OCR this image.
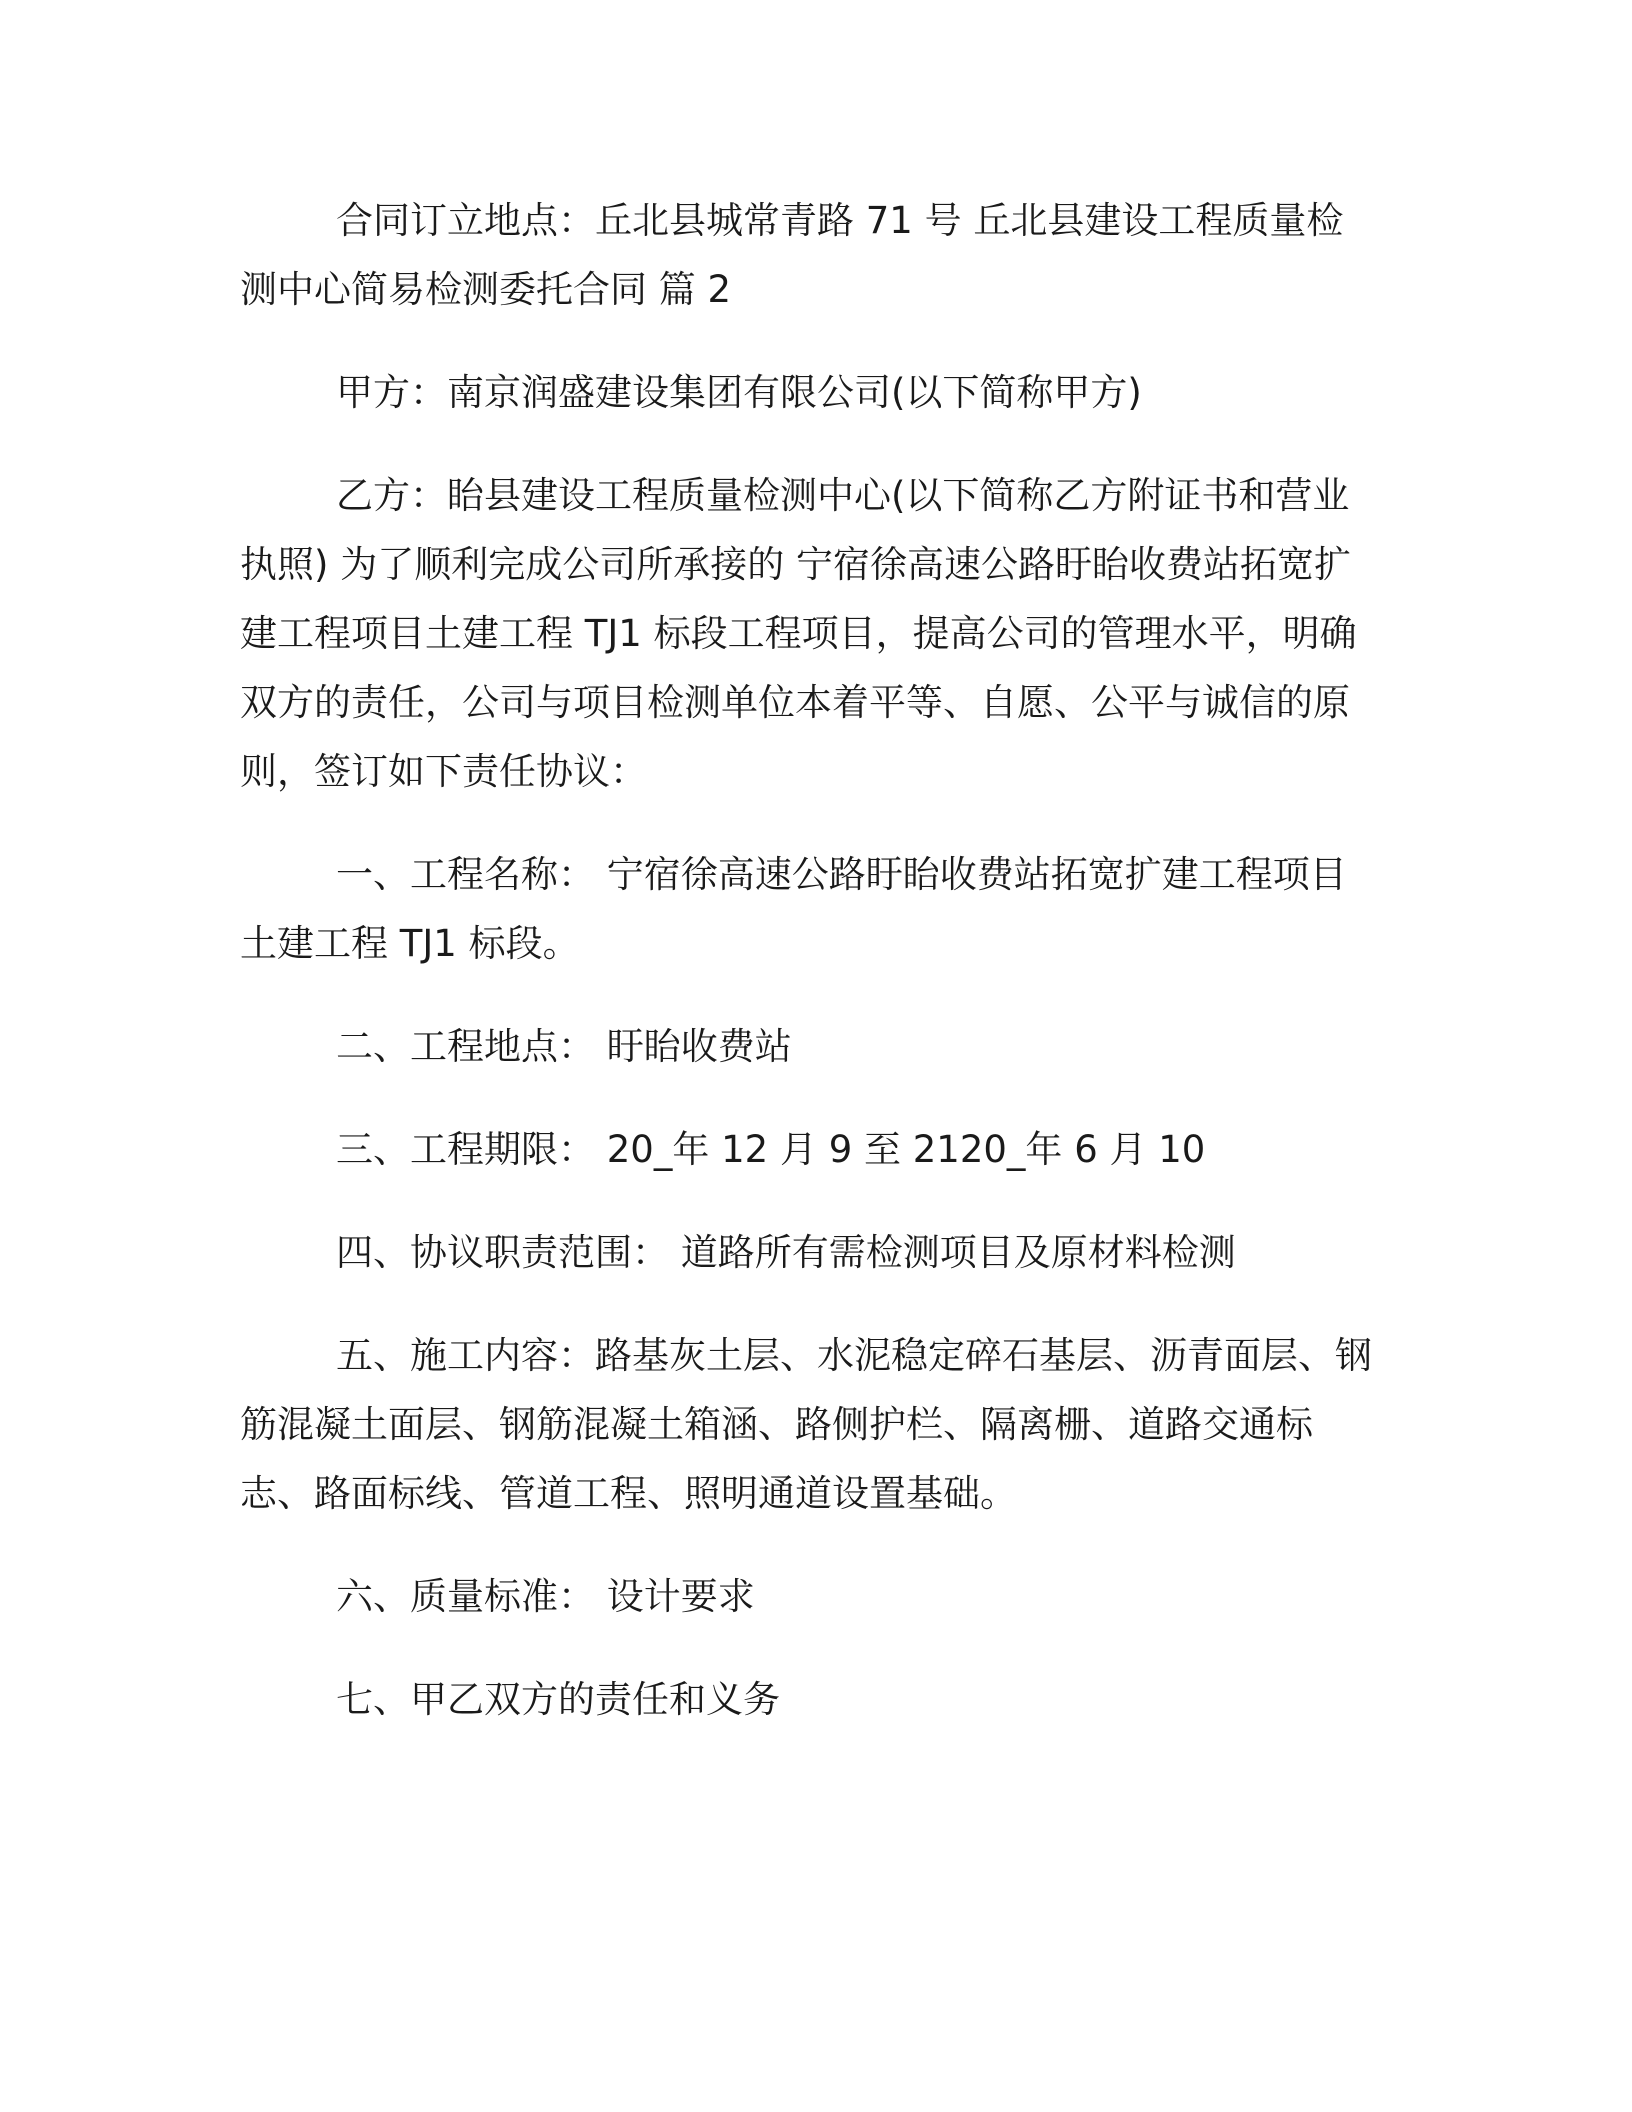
合同订立地点：丘北县城常青路 71 号 丘北县建设工程质量检测中心简易检测委托合同 篇 2

甲方：南京润盛建设集团有限公司(以下简称甲方)

乙方：眙县建设工程质量检测中心(以下简称乙方附证书和营业执照) 为了顺利完成公司所承接的 宁宿徐高速公路盱眙收费站拓宽扩建工程项目土建工程 TJ1 标段工程项目，提高公司的管理水平，明确双方的责任，公司与项目检测单位本着平等、自愿、公平与诚信的原则，签订如下责任协议：

一、工程名称： 宁宿徐高速公路盱眙收费站拓宽扩建工程项目土建工程 TJ1 标段。

二、工程地点： 盱眙收费站

三、工程期限： 20_年 12 月 9 至 2120_年 6 月 10

四、协议职责范围： 道路所有需检测项目及原材料检测

五、施工内容：路基灰土层、水泥稳定碎石基层、沥青面层、钢筋混凝土面层、钢筋混凝土箱涵、路侧护栏、隔离栅、道路交通标志、路面标线、管道工程、照明通道设置基础。

六、质量标准： 设计要求

七、甲乙双方的责任和义务
